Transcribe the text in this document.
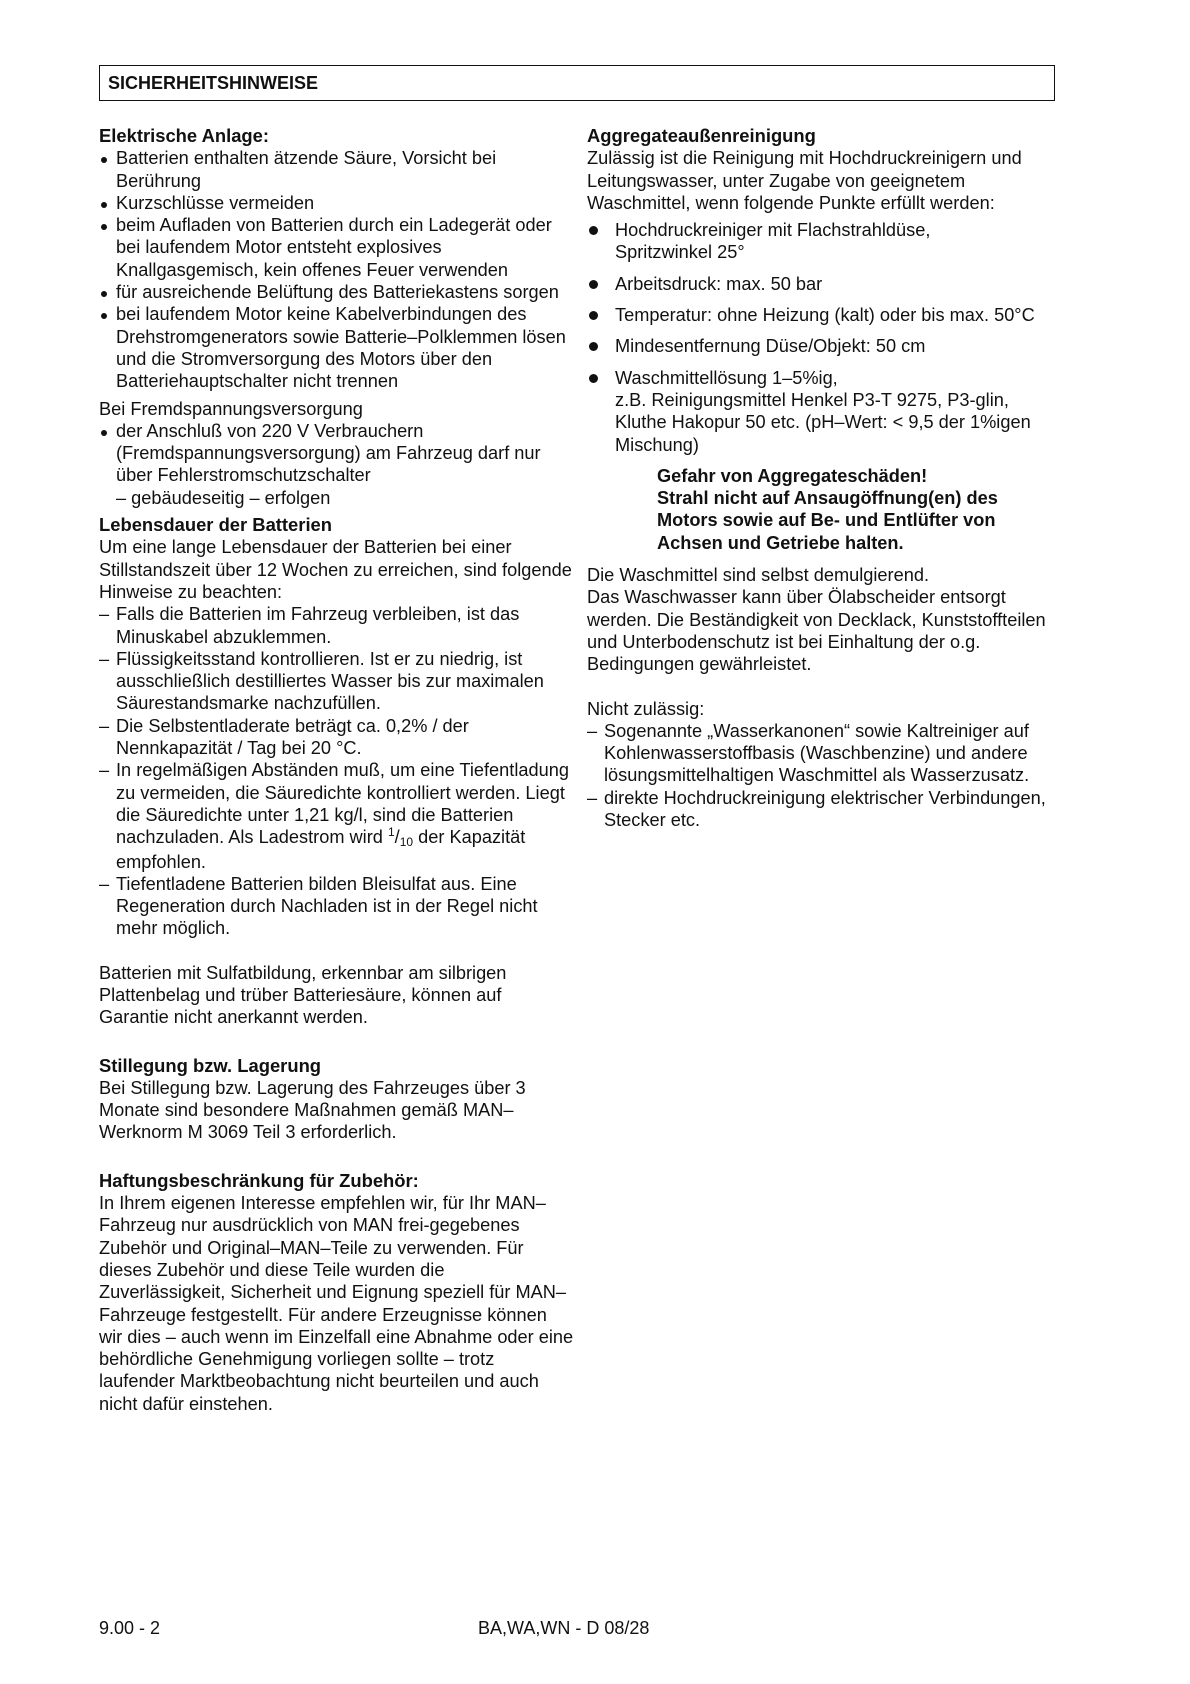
SICHERHEITSHINWEISE
Elektrische Anlage:
Batterien enthalten ätzende Säure, Vorsicht bei Berührung
Kurzschlüsse vermeiden
beim Aufladen von Batterien durch ein Ladegerät oder bei laufendem Motor entsteht explosives Knallgasgemisch, kein offenes Feuer verwenden
für ausreichende Belüftung des Batteriekastens sorgen
bei laufendem Motor keine Kabelverbindungen des Drehstromgenerators sowie Batterie–Polklemmen lösen und die Stromversorgung des Motors über den Batteriehauptschalter nicht trennen

Bei Fremdspannungsversorgung

der Anschluß von 220 V Verbrauchern (Fremdspannungsversorgung) am Fahrzeug darf nur über Fehlerstromschutzschalter
– gebäudeseitig – erfolgen
Lebensdauer der Batterien

Um eine lange Lebensdauer der Batterien bei einer Stillstandszeit über 12 Wochen zu erreichen, sind folgende Hinweise zu beachten:

– Falls die Batterien im Fahrzeug verbleiben, ist das Minuskabel abzuklemmen.
– Flüssigkeitsstand kontrollieren. Ist er zu niedrig, ist ausschließlich destilliertes Wasser bis zur maximalen Säurestandsmarke nachzufüllen.
– Die Selbstentladerate beträgt ca. 0,2% / der Nennkapazität / Tag bei 20 °C.
– In regelmäßigen Abständen muß, um eine Tiefentladung zu vermeiden, die Säuredichte kontrolliert werden. Liegt die Säuredichte unter 1,21 kg/l, sind die Batterien nachzuladen. Als Ladestrom wird $^1$/10 der Kapazität empfohlen.
– Tiefentladene Batterien bilden Bleisulfat aus. Eine Regeneration durch Nachladen ist in der Regel nicht mehr möglich.

Batterien mit Sulfatbildung, erkennbar am silbrigen Plattenbelag und trüber Batteriesäure, können auf Garantie nicht anerkannt werden.

Stillegung bzw. Lagerung

Bei Stillegung bzw. Lagerung des Fahrzeuges über 3 Monate sind besondere Maßnahmen gemäß MAN–Werknorm M 3069 Teil 3 erforderlich.

Haftungsbeschränkung für Zubehör:

In Ihrem eigenen Interesse empfehlen wir, für Ihr MAN–Fahrzeug nur ausdrücklich von MAN frei-gegebenes Zubehör und Original–MAN–Teile zu verwenden. Für dieses Zubehör und diese Teile wurden die Zuverlässigkeit, Sicherheit und Eignung speziell für MAN–Fahrzeuge festgestellt. Für andere Erzeugnisse können wir dies – auch wenn im Einzelfall eine Abnahme oder eine behördliche Genehmigung vorliegen sollte – trotz laufender Marktbeobachtung nicht beurteilen und auch nicht dafür einstehen.

Aggregateaußenreinigung

Zulässig ist die Reinigung mit Hochdruckreinigern und Leitungswasser, unter Zugabe von geeignetem Waschmittel, wenn folgende Punkte erfüllt werden:

Hochdruckreiniger mit Flachstrahldüse,
Spritzwinkel 25°
Arbeitsdruck: max. 50 bar
Temperatur: ohne Heizung (kalt) oder bis max. 50°C
Mindesentfernung Düse/Objekt: 50 cm
Waschmittellösung 1–5%ig,
z.B. Reinigungsmittel Henkel P3-T 9275, P3-glin, Kluthe Hakopur 50 etc. (pH–Wert: < 9,5 der 1%igen Mischung)

Gefahr von Aggregateschäden!
Strahl nicht auf Ansaugöffnung(en) des Motors sowie auf Be- und Entlüfter von Achsen und Getriebe halten.

Die Waschmittel sind selbst demulgierend.
Das Waschwasser kann über Ölabscheider entsorgt werden. Die Beständigkeit von Decklack, Kunststoffteilen und Unterbodenschutz ist bei Einhaltung der o.g. Bedingungen gewährleistet.

Nicht zulässig:

– Sogenannte „Wasserkanonen“ sowie Kaltreiniger auf Kohlenwasserstoffbasis (Waschbenzine) und andere lösungsmittelhaltigen Waschmittel als Wasserzusatz.
– direkte Hochdruckreinigung elektrischer Verbindungen, Stecker etc.
9.00 - 2	BA,WA,WN - D 08/28
